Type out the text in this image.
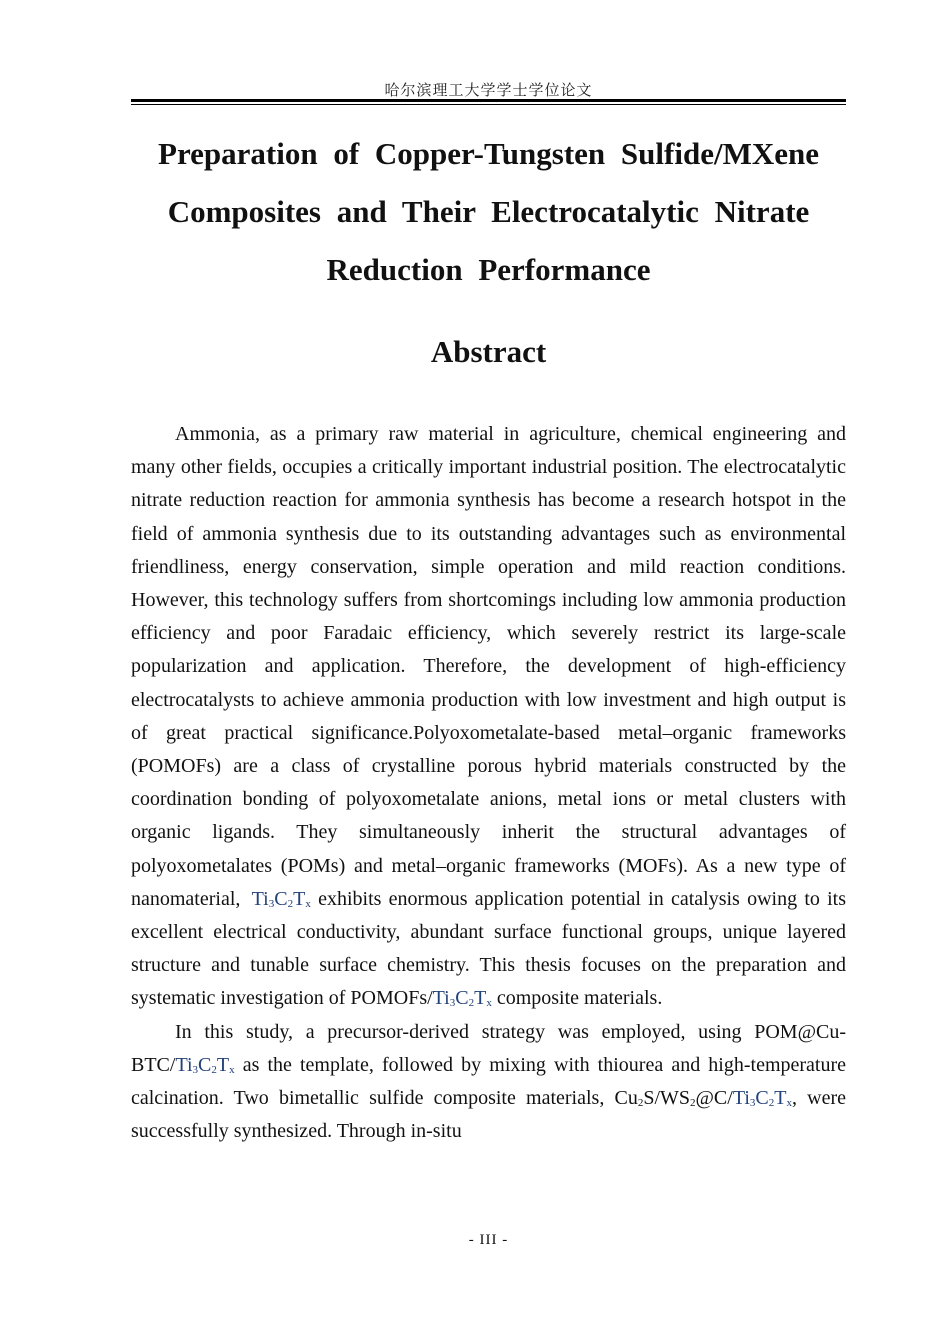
哈尔滨理工大学学士学位论文
Preparation of Copper-Tungsten Sulfide/MXene
Composites and Their Electrocatalytic Nitrate
Reduction Performance
Abstract

Ammonia, as a primary raw material in agriculture, chemical engineering and many other fields, occupies a critically important industrial position. The electrocatalytic nitrate reduction reaction for ammonia synthesis has become a research hotspot in the field of ammonia synthesis due to its outstanding advantages such as environmental friendliness, energy conservation, simple operation and mild reaction conditions. However, this technology suffers from shortcomings including low ammonia production efficiency and poor Faradaic efficiency, which severely restrict its large-scale popularization and application. Therefore, the development of high-efficiency electrocatalysts to achieve ammonia production with low investment and high output is of great practical significance.Polyoxometalate-based metal–organic frameworks (POMOFs) are a class of crystalline porous hybrid materials constructed by the coordination bonding of polyoxometalate anions, metal ions or metal clusters with organic ligands. They simultaneously inherit the structural advantages of polyoxometalates (POMs) and metal–organic frameworks (MOFs). As a new type of nanomaterial, $Ti_3C_2T_x$ exhibits enormous application potential in catalysis owing to its excellent electrical conductivity, abundant surface functional groups, unique layered structure and tunable surface chemistry. This thesis focuses on the preparation and systematic investigation of POMOFs/$Ti_3C_2T_x$ composite materials.

In this study, a precursor-derived strategy was employed, using $POM@Cu-BTC/Ti_3C_2T_x$ as the template, followed by mixing with thiourea and high-temperature calcination. Two bimetallic sulfide composite materials, $Cu_2S/WS_2@C/Ti_3C_2T_x$, were successfully synthesized. Through in-situ

- III -
